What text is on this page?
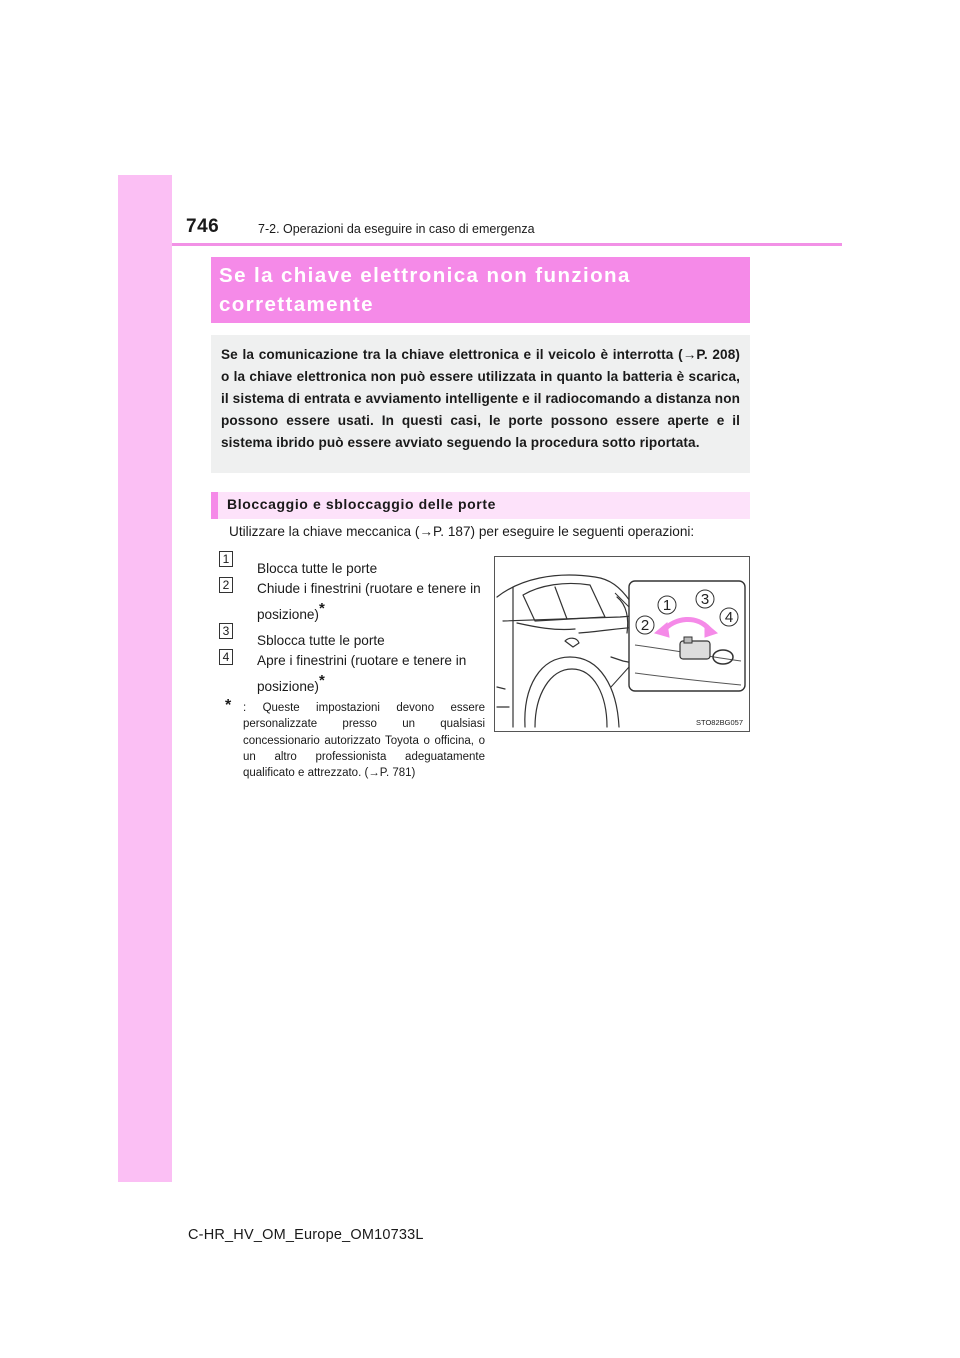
746	7-2. Operazioni da eseguire in caso di emergenza

Se la chiave elettronica non funziona
correttamente

Se la comunicazione tra la chiave elettronica e il veicolo è interrotta (→P. 208) o la chiave elettronica non può essere utilizzata in quanto la batteria è scarica, il sistema di entrata e avviamento intelligente e il radiocomando a distanza non possono essere usati. In questi casi, le porte possono essere aperte e il sistema ibrido può essere avviato seguendo la procedura sotto riportata.

Bloccaggio e sbloccaggio delle porte

Utilizzare la chiave meccanica (→P. 187) per eseguire le seguenti operazioni:
1
Blocca tutte le porte
2 Chiude i finestrini (ruotare e tenere in posizione)*
3
Sblocca tutte le porte
4 Apre i finestrini (ruotare e tenere in posizione)*
* : Queste impostazioni devono essere personalizzate presso un qualsiasi concessionario autorizzato Toyota o officina, o un altro professionista adeguatamente qualificato e attrezzato. (→P. 781)
1
2
3
4
STO82BG057
C-HR_HV_OM_Europe_OM10733L
